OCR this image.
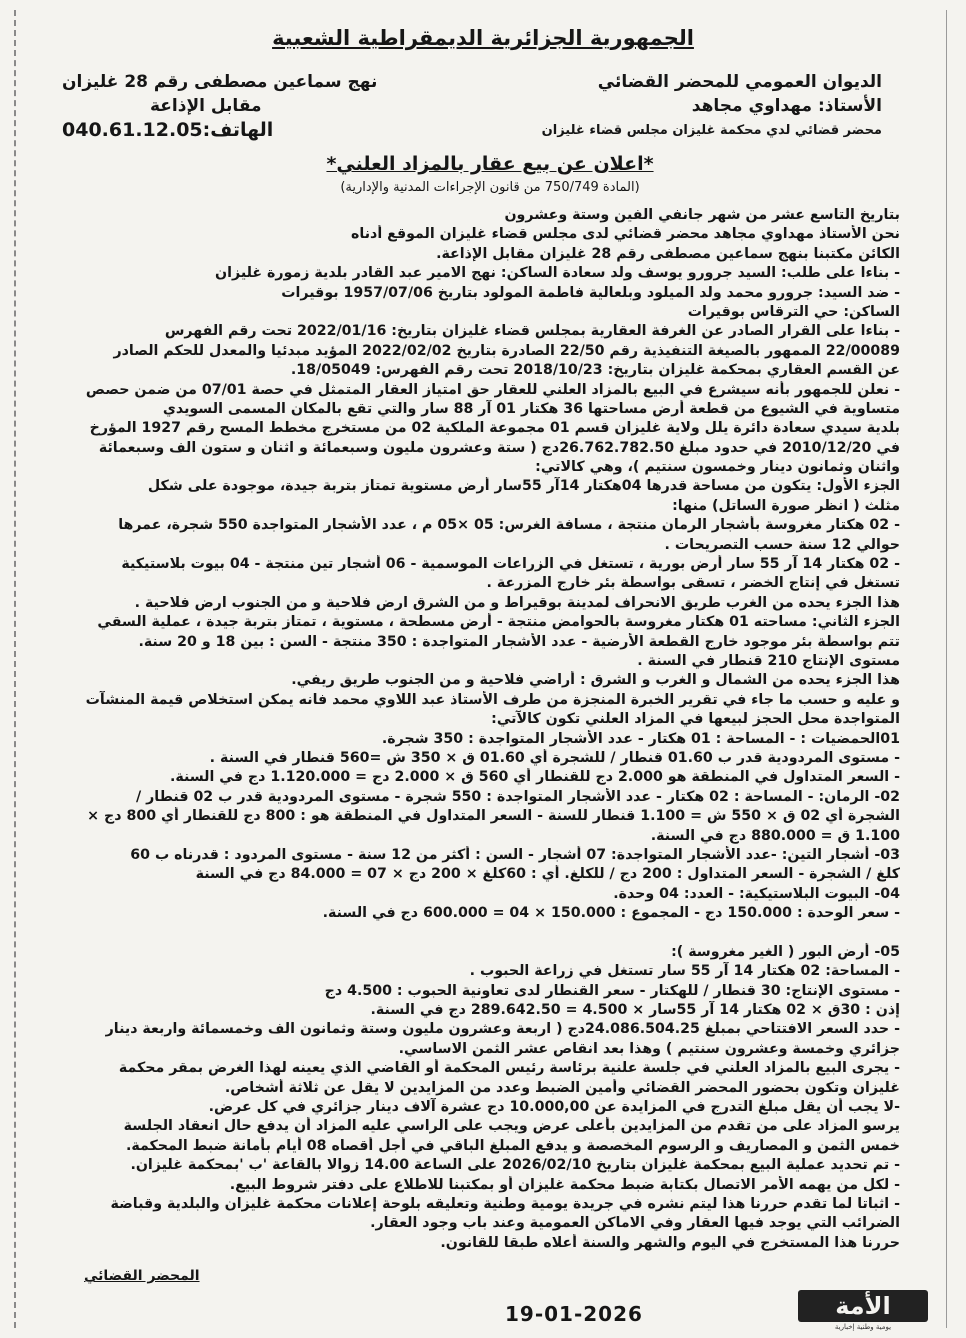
الجمهورية الجزائرية الديمقراطية الشعبية
الديوان العمومي للمحضر القضائي
الأستاذ: مهداوي مجاهد
محضر قضائي لدي محكمة غليزان مجلس قضاء غليزان
نهج سماعين مصطفى رقم 28 غليزان
مقابل الإذاعة
040.61.12.05:الهاتف
*اعلان عن بيع عقار بالمزاد العلني*
(المادة 750/749 من قانون الإجراءات المدنية والإدارية)
بتاريخ التاسع عشر من شهر جانفي الفين وستة وعشرون
نحن الأستاذ مهداوي مجاهد محضر قضائي لدى مجلس قضاء غليزان الموقع أدناه
الكائن مكتبنا بنهج سماعين مصطفى رقم 28 غليزان مقابل الإذاعة.
- بناءا على طلب: السيد جرورو يوسف ولد سعادة الساكن: نهج الامير عبد القادر بلدية زمورة غليزان
- ضد السيد: جرورو محمد ولد الميلود وبلعالية فاطمة المولود بتاريخ 1957/07/06 بوقيرات
الساكن: حي الترقاس بوقيرات
- بناءا على القرار الصادر عن الغرفة العقارية بمجلس قضاء غليزان بتاريخ: 2022/01/16 تحت رقم الفهرس
22/00089 الممهور بالصيغة التنفيذية رقم 22/50 الصادرة بتاريخ 2022/02/02 المؤيد مبدئيا والمعدل للحكم الصادر
عن القسم العقاري بمحكمة غليزان بتاريخ: 2018/10/23 تحت رقم الفهرس: 18/05049.
- نعلن للجمهور بأنه سيشرع في البيع بالمزاد العلني للعقار حق امتياز العقار المتمثل في حصة 07/01 من ضمن حصص
متساوية في الشيوع من قطعة أرض مساحتها 36 هكتار 01 آر 88 سار والتي تقع بالمكان المسمى السويدي
بلدية سيدي سعادة دائرة يلل ولاية غليزان قسم 01 مجموعة الملكية 02 من مستخرج مخطط المسح رقم 1927 المؤرخ
في 2010/12/20 في حدود مبلغ 26.762.782.50دج ( ستة وعشرون مليون وسبعمائة و اثنان و ستون الف وسبعمائة
واثنان وثمانون دينار وخمسون سنتيم )، وهي كالاتي:
الجزء الأول: يتكون من مساحة قدرها 04هكتار 14آر 55سار أرض مستوية تمتاز بتربة جيدة، موجودة على شكل
مثلث ( انظر صورة الساتل) منها:
- 02 هكتار مغروسة بأشجار الرمان منتجة ، مسافة الغرس: 05 ×05 م ، عدد الأشجار المتواجدة 550 شجرة، عمرها
حوالي 12 سنة حسب التصريحات .
- 02 هكتار 14 آر 55 سار أرض بورية ، تستغل في الزراعات الموسمية - 06 أشجار تين منتجة - 04 بيوت بلاستيكية
تستغل في إنتاج الخضر ، تسقى بواسطة بئر خارج المزرعة .
هذا الجزء يحده من الغرب طريق الانحراف لمدينة بوقيراط و من الشرق ارض فلاحية و من الجنوب ارض فلاحية .
الجزء الثاني: مساحته 01 هكتار مغروسة بالحوامض منتجة - أرض مسطحة ، مستوية ، تمتاز بتربة جيدة ، عملية السقي
تتم بواسطة بئر موجود خارج القطعة الأرضية - عدد الأشجار المتواجدة : 350 منتجة - السن : بين 18 و 20 سنة.
مستوى الإنتاج 210 قنطار في السنة .
هذا الجزء يحده من الشمال و الغرب و الشرق : أراضي فلاحية و من الجنوب طريق ريفي.
و عليه و حسب ما جاء في تقرير الخبرة المنجزة من طرف الأستاذ عبد اللاوي محمد فانه يمكن استخلاص قيمة المنشآت
المتواجدة محل الحجز لبيعها في المزاد العلني تكون كالآتي:
01الحمضيات : - المساحة : 01 هكتار - عدد الأشجار المتواجدة : 350 شجرة.
- مستوى المردودية قدر ب 01.60 قنطار / للشجرة أي 01.60 ق × 350 ش =560 قنطار في السنة .
- السعر المتداول في المنطقة هو 2.000 دج للقنطار أي 560 ق × 2.000 دج = 1.120.000 دج في السنة.
02- الرمان: - المساحة : 02 هكتار - عدد الأشجار المتواجدة : 550 شجرة - مستوى المردودية قدر ب 02 قنطار /
الشجرة أي 02 ق × 550 ش = 1.100 قنطار للسنة - السعر المتداول في المنطقة هو : 800 دج للقنطار أي 800 دج ×
1.100 ق = 880.000 دج في السنة.
03- أشجار التين: -عدد الأشجار المتواجدة: 07 أشجار - السن : أكثر من 12 سنة - مستوى المردود : قدرناه ب 60
كلغ / الشجرة - السعر المتداول : 200 دج / للكلغ. أي : 60كلغ × 200 دج × 07 = 84.000 دج في السنة
04- البيوت البلاستيكية: - العدد: 04 وحدة.
- سعر الوحدة : 150.000 دج - المجموع : 150.000 × 04 = 600.000 دج في السنة.
05- أرض البور ( الغير مغروسة ):
- المساحة: 02 هكتار 14 آر 55 سار تستغل في زراعة الحبوب .
- مستوى الإنتاج: 30 قنطار / للهكتار - سعر القنطار لدى تعاونية الحبوب : 4.500 دج
إذن : 30ق × 02 هكتار 14 آر 55سار × 4.500 = 289.642.50 دج في السنة.
- حدد السعر الافتتاحي بمبلغ 24.086.504.25دج ( اربعة وعشرون مليون وستة وثمانون الف وخمسمائة واربعة دينار
جزائري وخمسة وعشرون سنتيم ) وهذا بعد انقاص عشر الثمن الاساسي.
- يجرى البيع بالمزاد العلني في جلسة علنية برئاسة رئيس المحكمة أو القاضي الذي يعينه لهذا الغرض بمقر محكمة
غليزان وتكون بحضور المحضر القضائي وأمين الضبط وعدد من المزايدين لا يقل عن ثلاثة أشخاص.
-لا يجب أن يقل مبلغ التدرج في المزايدة عن 10.000,00 دج عشرة آلاف دينار جزائري في كل عرض.
يرسو المزاد على من تقدم من المزايدين بأعلى عرض ويجب على الراسي عليه المزاد أن يدفع حال انعقاد الجلسة
خمس الثمن و المصاريف و الرسوم المخصصة و يدفع المبلغ الباقي في أجل أقصاه 08 أيام بأمانة ضبط المحكمة.
- تم تحديد عملية البيع بمحكمة غليزان بتاريخ 2026/02/10 على الساعة 14.00 زوالا بالقاعة 'ب 'بمحكمة غليزان.
- لكل من يهمه الأمر الاتصال بكتابة ضبط محكمة غليزان أو بمكتبنا للاطلاع على دفتر شروط البيع.
- اثباتا لما تقدم حررنا هذا ليتم نشره في جريدة يومية وطنية وتعليقه بلوحة إعلانات محكمة غليزان والبلدية وقباضة
الضرائب التي يوجد فيها العقار وفي الاماكن العمومية وعند باب وجود العقار.
حررنا هذا المستخرج في اليوم والشهر والسنة أعلاه طبقا للقانون.
المحضر القضائي
19-01-2026	الأمة
يومية وطنية إخبارية
